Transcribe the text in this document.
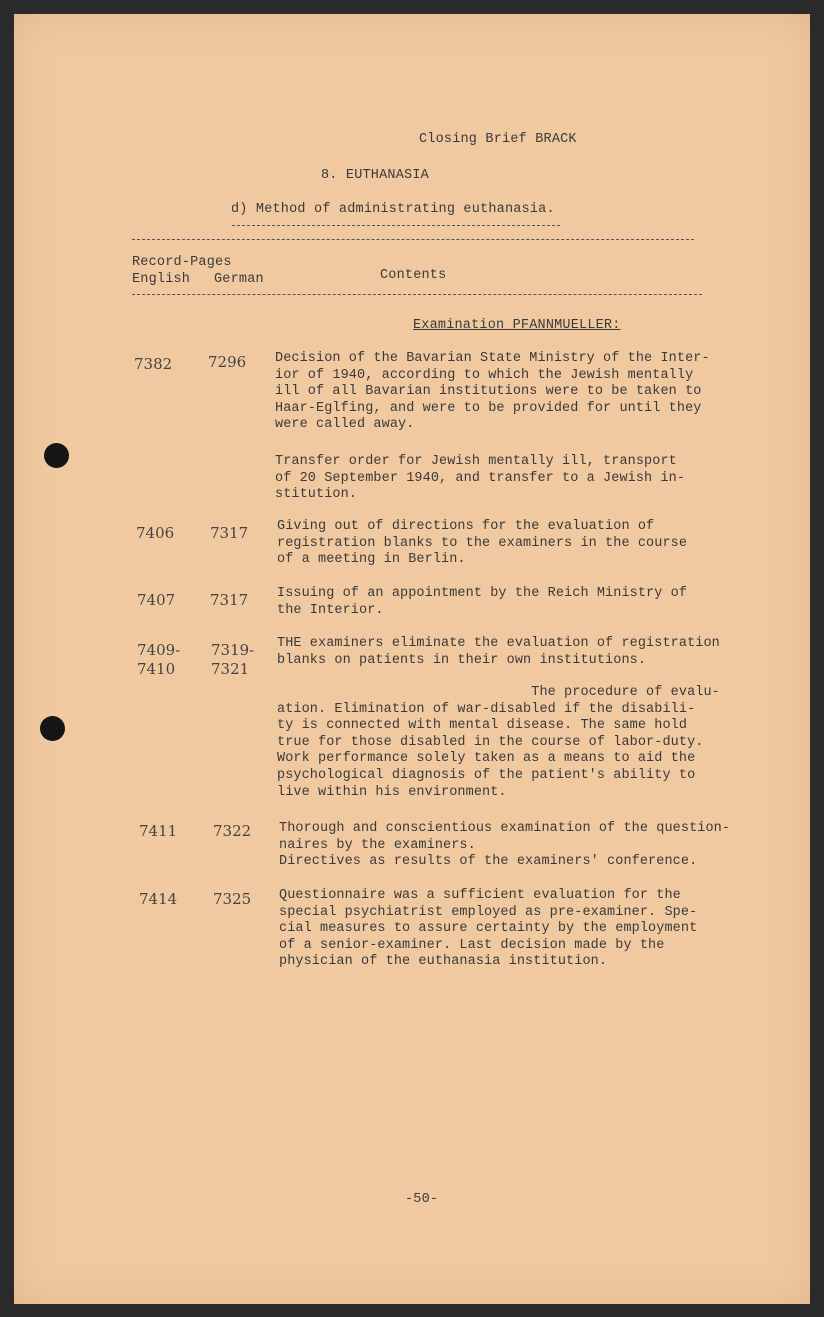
Closing Brief BRACK
8. EUTHANASIA
d) Method of administrating euthanasia.
Record-Pages
English German	Contents
Examination PFANNMUELLER:
7382 7296 Decision of the Bavarian State Ministry of the Inter-
ior of 1940, according to which the Jewish mentally
ill of all Bavarian institutions were to be taken to
Haar-Eglfing, and were to be provided for until they
were called away.
Transfer order for Jewish mentally ill, transport
of 20 September 1940, and transfer to a Jewish in-
stitution.
7406 7317 Giving out of directions for the evaluation of
registration blanks to the examiners in the course
of a meeting in Berlin.
7407 7317 Issuing of an appointment by the Reich Ministry of
the Interior.
7409-
7410
7319-
7321
THE examiners eliminate the evaluation of registration
blanks on patients in their own institutions.
The procedure of evalu-
ation. Elimination of war-disabled if the disabili-
ty is connected with mental disease. The same hold
true for those disabled in the course of labor-duty.
Work performance solely taken as a means to aid the
psychological diagnosis of the patient's ability to
live within his environment.
7411 7322 Thorough and conscientious examination of the question-
naires by the examiners.
Directives as results of the examiners' conference.
7414 7325 Questionnaire was a sufficient evaluation for the
special psychiatrist employed as pre-examiner. Spe-
cial measures to assure certainty by the employment
of a senior-examiner. Last decision made by the
physician of the euthanasia institution.
-50-
